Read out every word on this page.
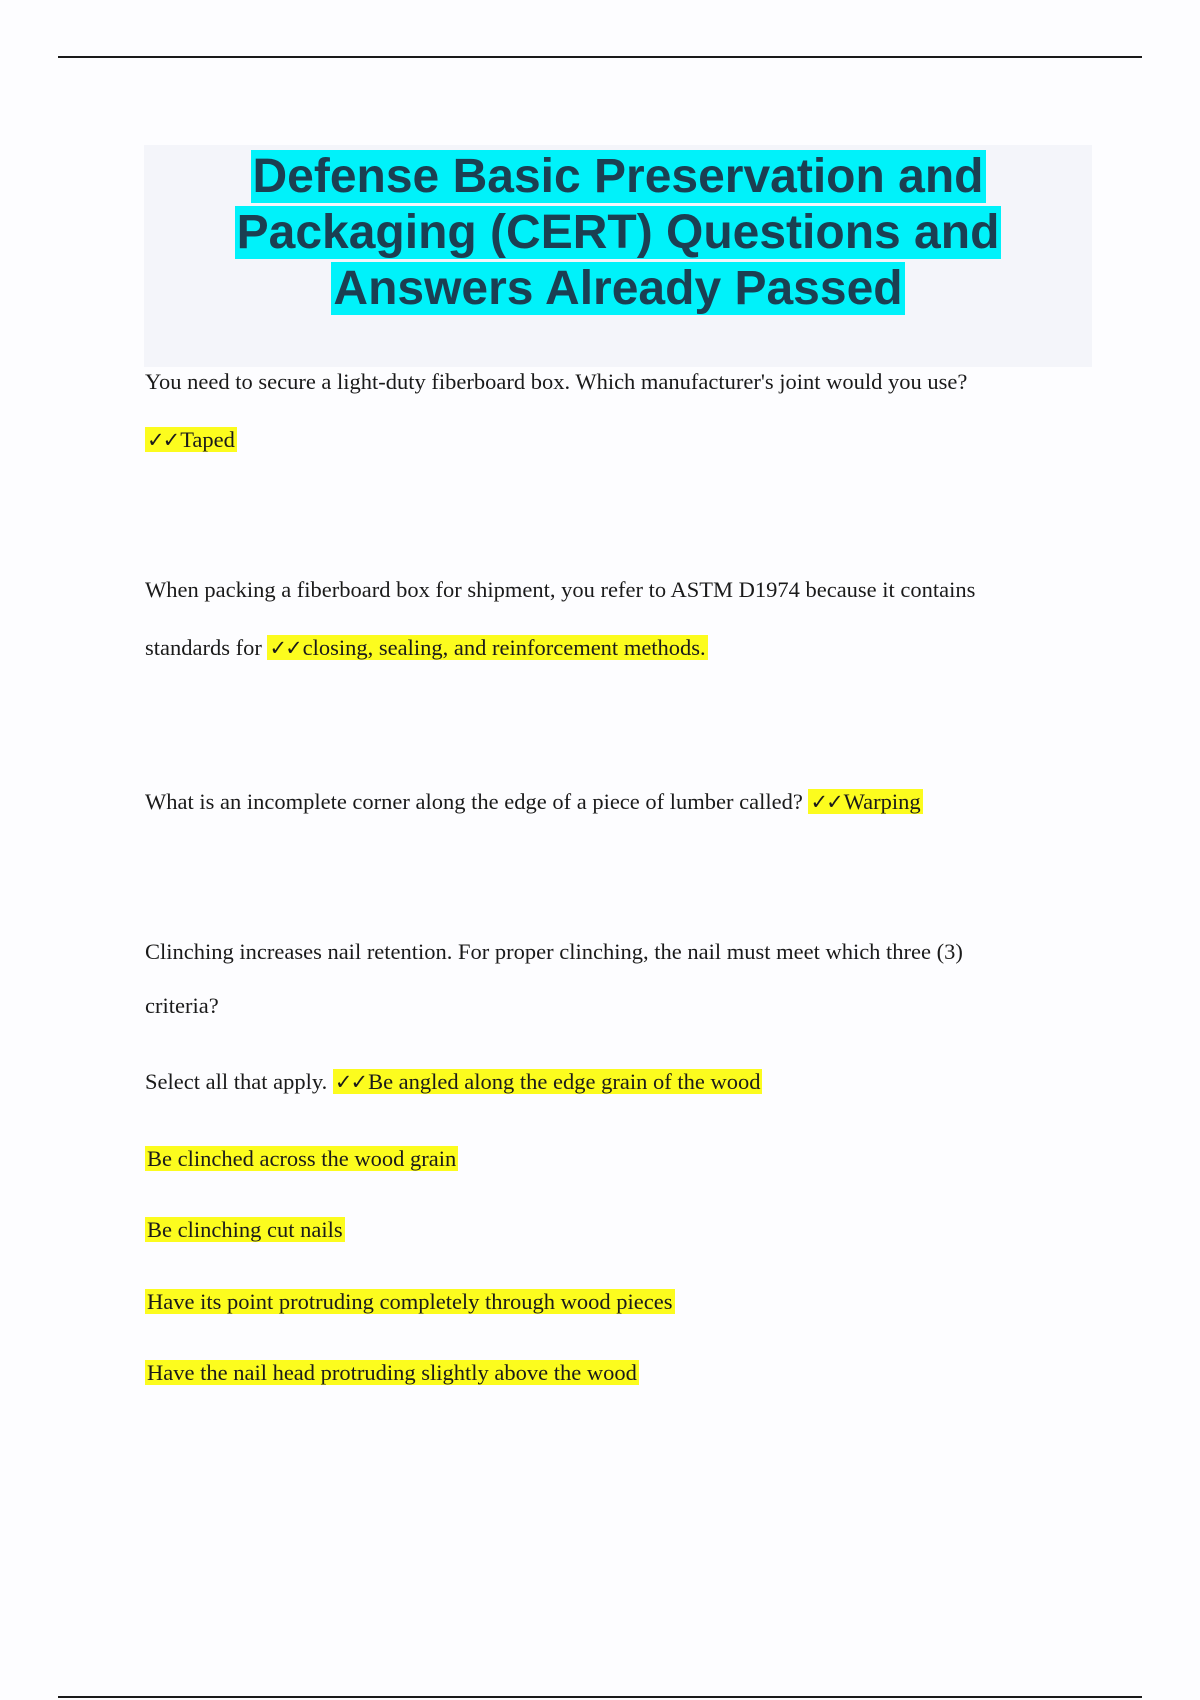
Defense Basic Preservation and
Packaging (CERT) Questions and
Answers Already Passed
You need to secure a light-duty fiberboard box. Which manufacturer's joint would you use?
✓✓Taped
When packing a fiberboard box for shipment, you refer to ASTM D1974 because it contains
standards for ✓✓closing, sealing, and reinforcement methods.
What is an incomplete corner along the edge of a piece of lumber called? ✓✓Warping
Clinching increases nail retention. For proper clinching, the nail must meet which three (3)
criteria?
Select all that apply. ✓✓Be angled along the edge grain of the wood
Be clinched across the wood grain
Be clinching cut nails
Have its point protruding completely through wood pieces
Have the nail head protruding slightly above the wood
